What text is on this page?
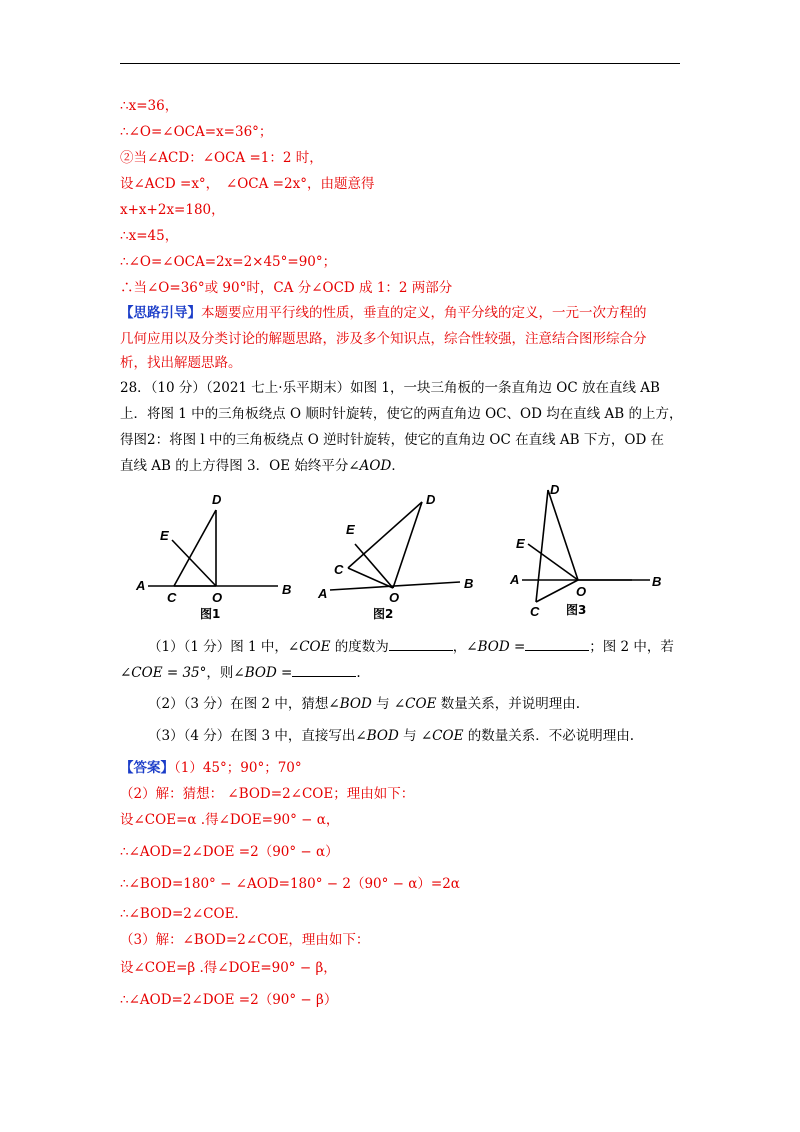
∴x=36，
∴∠O=∠OCA=x=36°；
②当∠ACD：∠OCA =1：2 时，
设∠ACD =x°，　∠OCA =2x°，由题意得
x+x+2x=180，
∴x=45，
∴∠O=∠OCA=2x=2×45°=90°；
∴当∠O=36°或 90°时，CA 分∠OCD 成 1：2 两部分
【思路引导】本题要应用平行线的性质，垂直的定义，角平分线的定义，一元一次方程的
几何应用以及分类讨论的解题思路，涉及多个知识点，综合性较强，注意结合图形综合分
析，找出解题思路。
28．（10 分）（2021 七上·乐平期末）如图 1，一块三角板的一条直角边 OC 放在直线 AB
上．将图 1 中的三角板绕点 O 顺时针旋转，使它的两直角边 OC、OD 均在直线 AB 的上方，
得图2：将图 l 中的三角板绕点 O 逆时针旋转，使它的直角边 OC 在直线 AB 下方，OD 在
直线 AB 的上方得图 3．OE 始终平分∠AOD．
D
E
A
C	O
B
图1
D
E
C
A	O
B
图2
D
E
A
O
B
C 图3
（1）（1 分）图 1 中，∠COE 的度数为	，∠BOD =	；图 2 中，若
∠COE = 35°，则∠BOD =	.
（2）（3 分）在图 2 中，猜想∠BOD 与 ∠COE 数量关系，并说明理由.
（3）（4 分）在图 3 中，直接写出∠BOD 与 ∠COE 的数量关系．不必说明理由.
【答案】（1）45°；90°；70°
（2）解：猜想： ∠BOD=2∠COE；理由如下：
设∠COE=α .得∠DOE=90° − α，
∴∠AOD=2∠DOE =2（90° − α）
∴∠BOD=180° − ∠AOD=180° − 2（90° − α）=2α
∴∠BOD=2∠COE.
（3）解：∠BOD=2∠COE，理由如下：
设∠COE=β .得∠DOE=90° − β，
∴∠AOD=2∠DOE =2（90° − β）
